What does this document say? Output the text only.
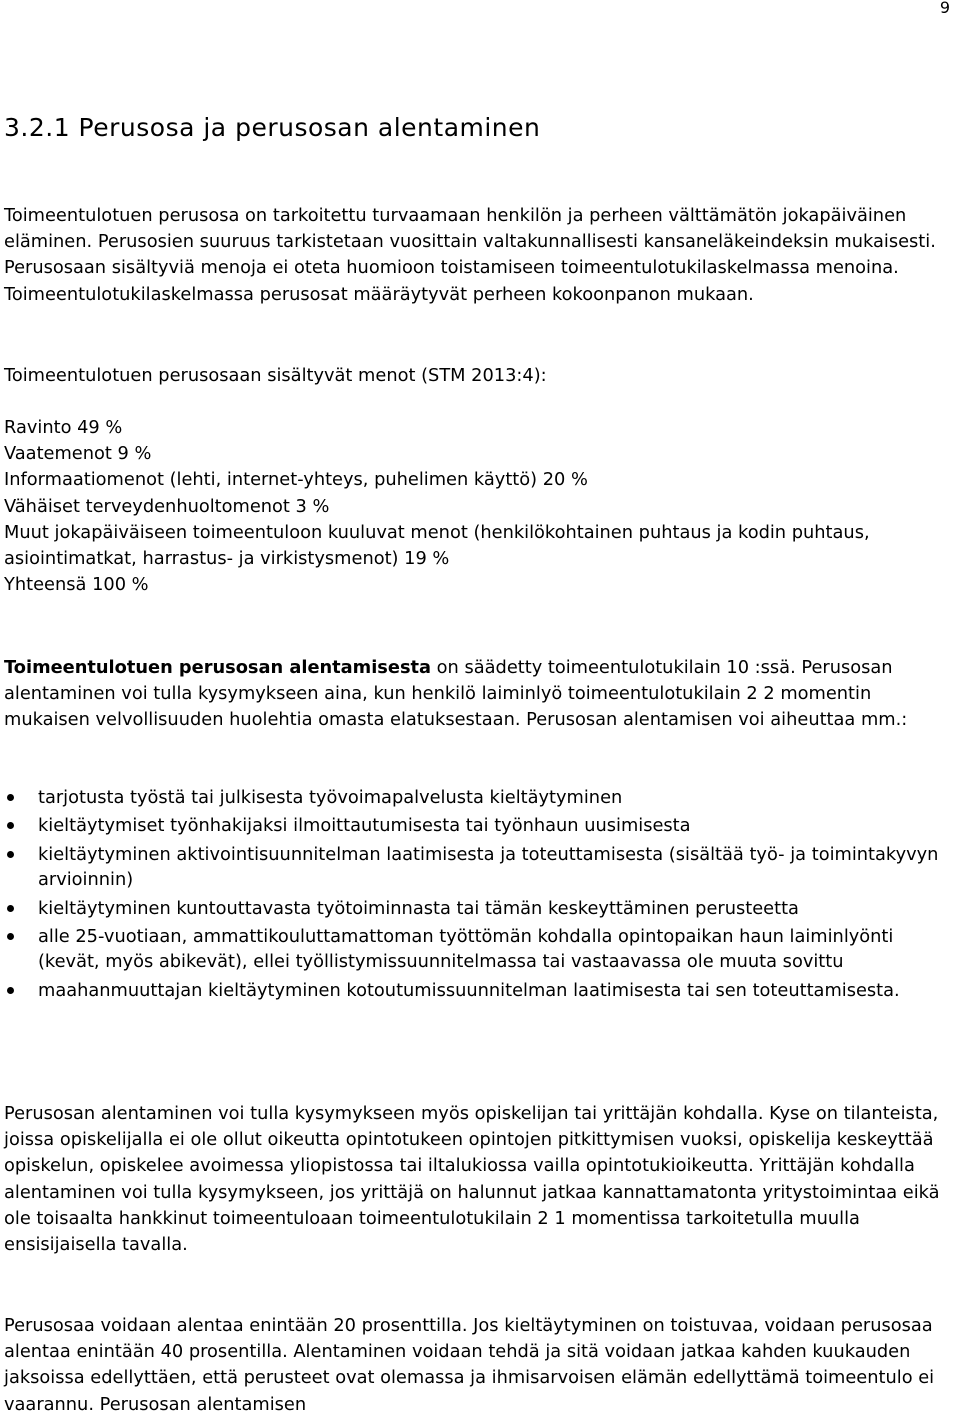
9
3.2.1 Perusosa ja perusosan alentaminen

Toimeentulotuen perusosa on tarkoitettu turvaamaan henkilön ja perheen välttämätön jokapäiväinen eläminen. Perusosien suuruus tarkistetaan vuosittain valtakunnallisesti kansaneläkeindeksin mukaisesti. Perusosaan sisältyviä menoja ei oteta huomioon toistamiseen toimeentulotukilaskelmassa menoina. Toimeentulotukilaskelmassa perusosat määräytyvät perheen kokoonpanon mukaan.

Toimeentulotuen perusosaan sisältyvät menot (STM 2013:4):

Ravinto 49 %
Vaatemenot 9 %
Informaatiomenot (lehti, internet-yhteys, puhelimen käyttö) 20 %
Vähäiset terveydenhuoltomenot 3 %
Muut jokapäiväiseen toimeentuloon kuuluvat menot (henkilökohtainen puhtaus ja kodin puhtaus, asiointimatkat, harrastus- ja virkistysmenot) 19 %
Yhteensä 100 %

Toimeentulotuen perusosan alentamisesta on säädetty toimeentulotukilain 10 :ssä. Perusosan alentaminen voi tulla kysymykseen aina, kun henkilö laiminlyö toimeentulotukilain 2 2 momentin mukaisen velvollisuuden huolehtia omasta elatuksestaan. Perusosan alentamisen voi aiheuttaa mm.:

tarjotusta työstä tai julkisesta työvoimapalvelusta kieltäytyminen
kieltäytymiset työnhakijaksi ilmoittautumisesta tai työnhaun uusimisesta
kieltäytyminen aktivointisuunnitelman laatimisesta ja toteuttamisesta (sisältää työ- ja toimintakyvyn arvioinnin)
kieltäytyminen kuntouttavasta työtoiminnasta tai tämän keskeyttäminen perusteetta
alle 25-vuotiaan, ammattikouluttamattoman työttömän kohdalla opintopaikan haun laiminlyönti (kevät, myös abikevät), ellei työllistymissuunnitelmassa tai vastaavassa ole muuta sovittu
maahanmuuttajan kieltäytyminen kotoutumissuunnitelman laatimisesta tai sen toteuttamisesta.

Perusosan alentaminen voi tulla kysymykseen myös opiskelijan tai yrittäjän kohdalla. Kyse on tilanteista, joissa opiskelijalla ei ole ollut oikeutta opintotukeen opintojen pitkittymisen vuoksi, opiskelija keskeyttää opiskelun, opiskelee avoimessa yliopistossa tai iltalukiossa vailla opintotukioikeutta. Yrittäjän kohdalla alentaminen voi tulla kysymykseen, jos yrittäjä on halunnut jatkaa kannattamatonta yritystoimintaa eikä ole toisaalta hankkinut toimeentuloaan toimeentulotukilain 2 1 momentissa tarkoitetulla muulla ensisijaisella tavalla.

Perusosaa voidaan alentaa enintään 20 prosenttilla. Jos kieltäytyminen on toistuvaa, voidaan perusosaa alentaa enintään 40 prosentilla. Alentaminen voidaan tehdä ja sitä voidaan jatkaa kahden kuukauden jaksoissa edellyttäen, että perusteet ovat olemassa ja ihmisarvoisen elämän edellyttämä toimeentulo ei vaarannu. Perusosan alentamisen
